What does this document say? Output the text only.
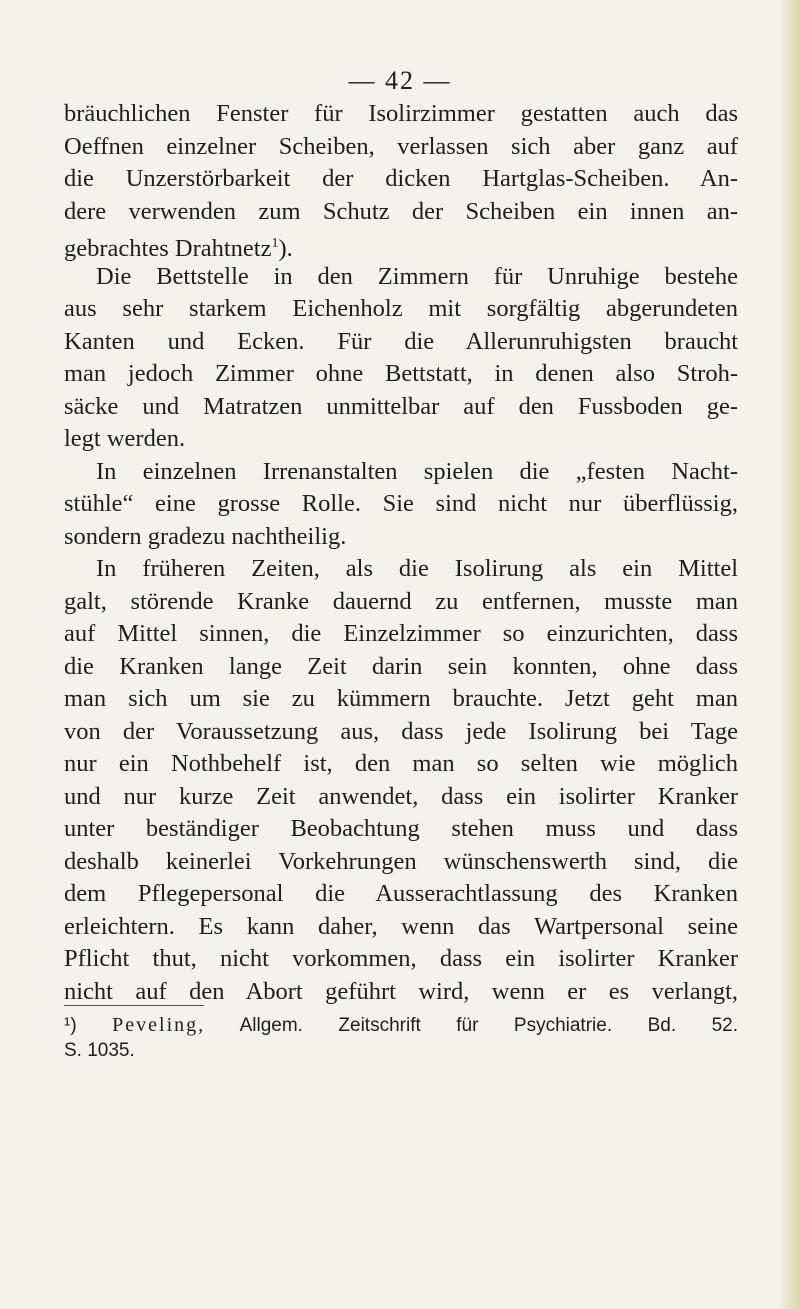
— 42 —
bräuchlichen Fenster für Isolirzimmer gestatten auch das
Oeffnen einzelner Scheiben, verlassen sich aber ganz auf
die Unzerstörbarkeit der dicken Hartglas-Scheiben. An-
dere verwenden zum Schutz der Scheiben ein innen an-
gebrachtes Drahtnetz$^1$).
Die Bettstelle in den Zimmern für Unruhige bestehe
aus sehr starkem Eichenholz mit sorgfältig abgerundeten
Kanten und Ecken. Für die Allerunruhigsten braucht
man jedoch Zimmer ohne Bettstatt, in denen also Stroh-
säcke und Matratzen unmittelbar auf den Fussboden ge-
legt werden.
In einzelnen Irrenanstalten spielen die „festen Nacht-
stühle“ eine grosse Rolle. Sie sind nicht nur überflüssig,
sondern gradezu nachtheilig.
In früheren Zeiten, als die Isolirung als ein Mittel
galt, störende Kranke dauernd zu entfernen, musste man
auf Mittel sinnen, die Einzelzimmer so einzurichten, dass
die Kranken lange Zeit darin sein konnten, ohne dass
man sich um sie zu kümmern brauchte. Jetzt geht man
von der Voraussetzung aus, dass jede Isolirung bei Tage
nur ein Nothbehelf ist, den man so selten wie möglich
und nur kurze Zeit anwendet, dass ein isolirter Kranker
unter beständiger Beobachtung stehen muss und dass
deshalb keinerlei Vorkehrungen wünschenswerth sind, die
dem Pflegepersonal die Ausserachtlassung des Kranken
erleichtern. Es kann daher, wenn das Wartpersonal seine
Pflicht thut, nicht vorkommen, dass ein isolirter Kranker
nicht auf den Abort geführt wird, wenn er es verlangt,
¹) Peveling, Allgem. Zeitschrift für Psychiatrie. Bd. 52.
S. 1035.
